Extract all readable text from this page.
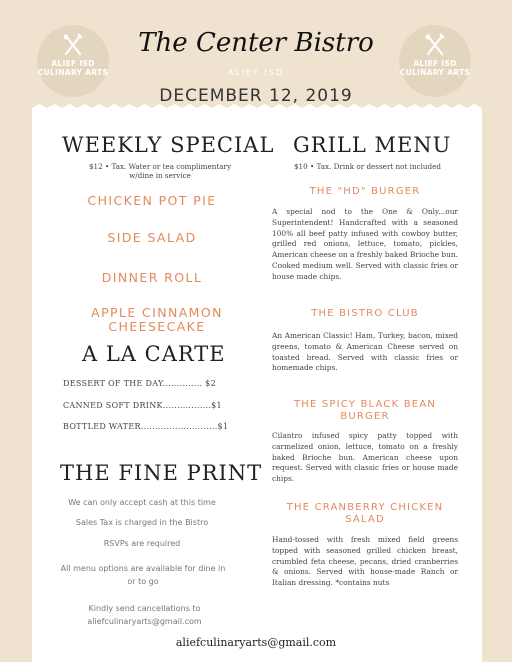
ALIEF ISD CULINARY ARTS
ALIEF ISD CULINARY ARTS
The Center Bistro
ALIEF ISD
DECEMBER 12, 2019
WEEKLY SPECIAL
$12 • Tax. Water or tea complimentary w/dine in service
CHICKEN POT PIE
SIDE SALAD
DINNER ROLL
APPLE CINNAMON CHEESECAKE
A LA CARTE
DESSERT OF THE DAY.............. $2
CANNED SOFT DRINK.................$1
BOTTLED WATER...........................$1
THE FINE PRINT
We can only accept cash at this time
Sales Tax is charged in the Bistro
RSVPs are required
All menu options are available for dine in or to go
Kindly send cancellations to aliefculinaryarts@gmail.com
GRILL MENU
$10 • Tax. Drink or dessert not included
THE "HD" BURGER
A special nod to the One & Only...our Superintendent! Handcrafted with a seasoned 100% all beef patty infused with cowboy butter, grilled red onions, lettuce, tomato, pickles, American cheese on a freshly baked Brioche bun. Cooked medium well. Served with classic fries or house made chips.
THE BISTRO CLUB
An American Classic! Ham, Turkey, bacon, mixed greens, tomato & American Cheese served on toasted bread. Served with classic fries or homemade chips.
THE SPICY BLACK BEAN BURGER
Cilantro infused spicy patty topped with carmelized onion, lettuce, tomato on a freshly baked Brioche bun. American cheese upon request. Served with classic fries or house made chips.
THE CRANBERRY CHICKEN SALAD
Hand-tossed with fresh mixed field greens topped with seasoned grilled chicken breast, crumbled feta cheese, pecans, dried cranberries & onions. Served with house-made Ranch or Italian dressing. *contains nuts
aliefculinaryarts@gmail.com
